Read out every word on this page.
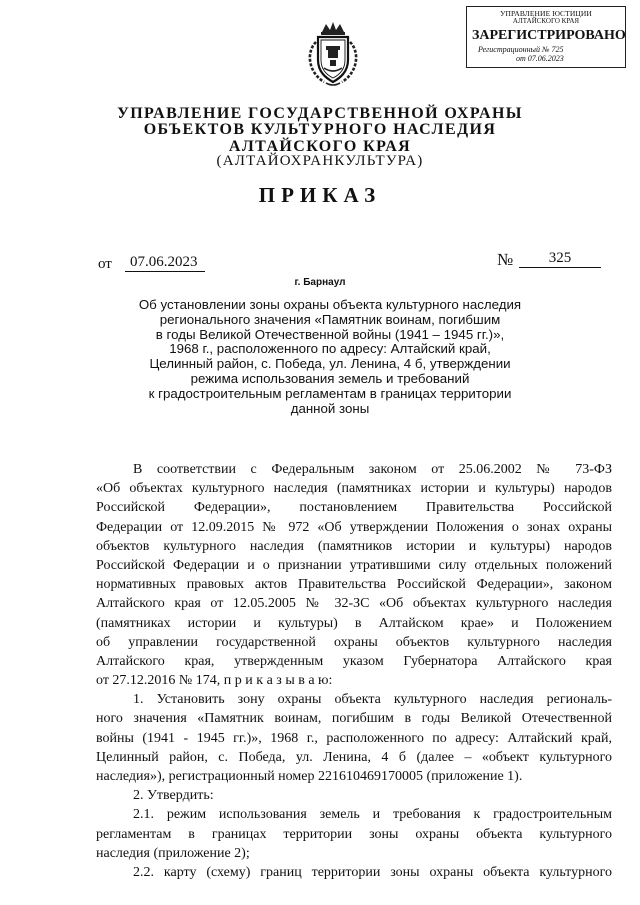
УПРАВЛЕНИЕ ЮСТИЦИИ
АЛТАЙСКОГО КРАЯ
ЗАРЕГИСТРИРОВАНО
Регистрационный № 725
от 07.06.2023
УПРАВЛЕНИЕ ГОСУДАРСТВЕННОЙ ОХРАНЫ
ОБЪЕКТОВ КУЛЬТУРНОГО НАСЛЕДИЯ
АЛТАЙСКОГО КРАЯ
(АЛТАЙОХРАНКУЛЬТУРА)
ПРИКАЗ
от	07.06.2023	№	325
г. Барнаул
Об установлении зоны охраны объекта культурного наследия
регионального значения «Памятник воинам, погибшим
в годы Великой Отечественной войны (1941 – 1945 гг.)»,
1968 г., расположенного по адресу: Алтайский край,
Целинный район, с. Победа, ул. Ленина, 4 б, утверждении
режима использования земель и требований
к градостроительным регламентам в границах территории
данной зоны
В соответствии с Федеральным законом от 25.06.2002 № 73-ФЗ
«Об объектах культурного наследия (памятниках истории и культуры) народов
Российской Федерации», постановлением Правительства Российской
Федерации от 12.09.2015 № 972 «Об утверждении Положения о зонах охраны
объектов культурного наследия (памятников истории и культуры) народов
Российской Федерации и о признании утратившими силу отдельных положений
нормативных правовых актов Правительства Российской Федерации», законом
Алтайского края от 12.05.2005 № 32-ЗС «Об объектах культурного наследия
(памятниках истории и культуры) в Алтайском крае» и Положением
об управлении государственной охраны объектов культурного наследия
Алтайского края, утвержденным указом Губернатора Алтайского края
от 27.12.2016 № 174, п р и к а з ы в а ю:
1. Установить зону охраны объекта культурного наследия региональ-
ного значения «Памятник воинам, погибшим в годы Великой Отечественной
войны (1941 - 1945 гг.)», 1968 г., расположенного по адресу: Алтайский край,
Целинный район, с. Победа, ул. Ленина, 4 б (далее – «объект культурного
наследия»), регистрационный номер 221610469170005 (приложение 1).
2. Утвердить:
2.1. режим использования земель и требования к градостроительным
регламентам в границах территории зоны охраны объекта культурного
наследия (приложение 2);
2.2. карту (схему) границ территории зоны охраны объекта культурного
